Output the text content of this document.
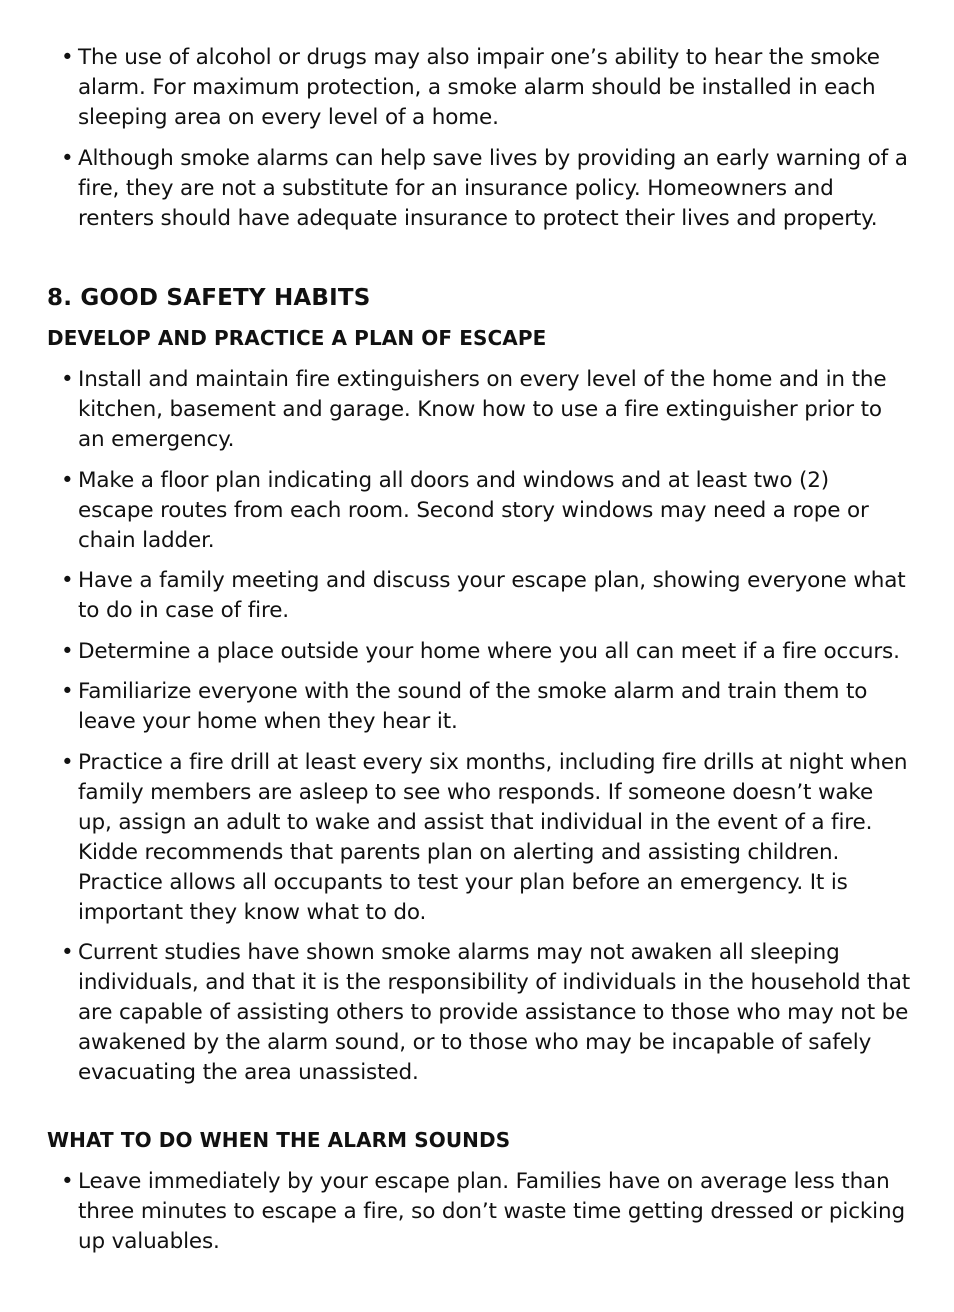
• The use of alcohol or drugs may also impair one’s ability to hear the smoke alarm. For maximum protection, a smoke alarm should be installed in each sleeping area on every level of a home.
• Although smoke alarms can help save lives by providing an early warning of a fire, they are not a substitute for an insurance policy. Homeowners and renters should have adequate insurance to protect their lives and property.
8. GOOD SAFETY HABITS
DEVELOP AND PRACTICE A PLAN OF ESCAPE
• Install and maintain fire extinguishers on every level of the home and in the kitchen, basement and garage. Know how to use a fire extinguisher prior to an emergency.
• Make a floor plan indicating all doors and windows and at least two (2) escape routes from each room. Second story windows may need a rope or chain ladder.
• Have a family meeting and discuss your escape plan, showing everyone what to do in case of fire.
• Determine a place outside your home where you all can meet if a fire occurs.
• Familiarize everyone with the sound of the smoke alarm and train them to leave your home when they hear it.
• Practice a fire drill at least every six months, including fire drills at night when family members are asleep to see who responds. If someone doesn’t wake up, assign an adult to wake and assist that individual in the event of a fire. Kidde recommends that parents plan on alerting and assisting children. Practice allows all occupants to test your plan before an emergency. It is important they know what to do.
• Current studies have shown smoke alarms may not awaken all sleeping individuals, and that it is the responsibility of individuals in the household that are capable of assisting others to provide assistance to those who may not be awakened by the alarm sound, or to those who may be incapable of safely evacuating the area unassisted.
WHAT TO DO WHEN THE ALARM SOUNDS
• Leave immediately by your escape plan. Families have on average less than three minutes to escape a fire, so don’t waste time getting dressed or picking up valuables.
